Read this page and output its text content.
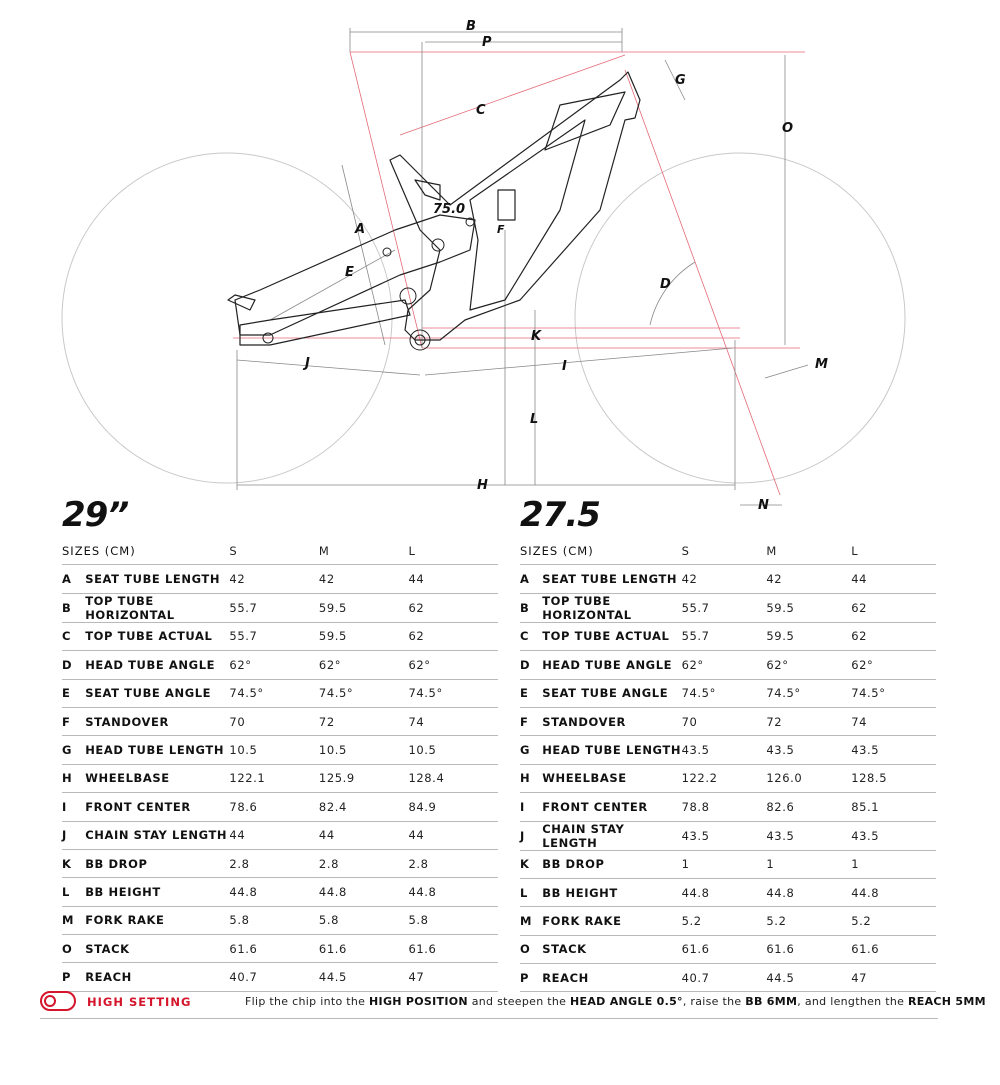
B
P
G
O
C
A	F
E
D
K
J	I	M
L
H
N
75.0
29”
SIZES (CM)		S	M	L
A	SEAT TUBE LENGTH	42	42	44
B	TOP TUBE HORIZONTAL	55.7	59.5	62
C	TOP TUBE ACTUAL	55.7	59.5	62
D	HEAD TUBE ANGLE	62°	62°	62°
E	SEAT TUBE ANGLE	74.5°	74.5°	74.5°
F	STANDOVER	70	72	74
G	HEAD TUBE LENGTH	10.5	10.5	10.5
H	WHEELBASE	122.1	125.9	128.4
I	FRONT CENTER	78.6	82.4	84.9
J	CHAIN STAY LENGTH	44	44	44
K	BB DROP	2.8	2.8	2.8
L	BB HEIGHT	44.8	44.8	44.8
M	FORK RAKE	5.8	5.8	5.8
O	STACK	61.6	61.6	61.6
P	REACH	40.7	44.5	47
27.5
SIZES (CM)		S	M	L
A	SEAT TUBE LENGTH	42	42	44
B	TOP TUBE HORIZONTAL	55.7	59.5	62
C	TOP TUBE ACTUAL	55.7	59.5	62
D	HEAD TUBE ANGLE	62°	62°	62°
E	SEAT TUBE ANGLE	74.5°	74.5°	74.5°
F	STANDOVER	70	72	74
G	HEAD TUBE LENGTH	43.5	43.5	43.5
H	WHEELBASE	122.2	126.0	128.5
I	FRONT CENTER	78.8	82.6	85.1
J	CHAIN STAY LENGTH	43.5	43.5	43.5
K	BB DROP	1	1	1
L	BB HEIGHT	44.8	44.8	44.8
M	FORK RAKE	5.2	5.2	5.2
O	STACK	61.6	61.6	61.6
P	REACH	40.7	44.5	47
HIGH SETTING	Flip the chip into the HIGH POSITION and steepen the HEAD ANGLE 0.5°, raise the BB 6MM, and lengthen the REACH 5MM
